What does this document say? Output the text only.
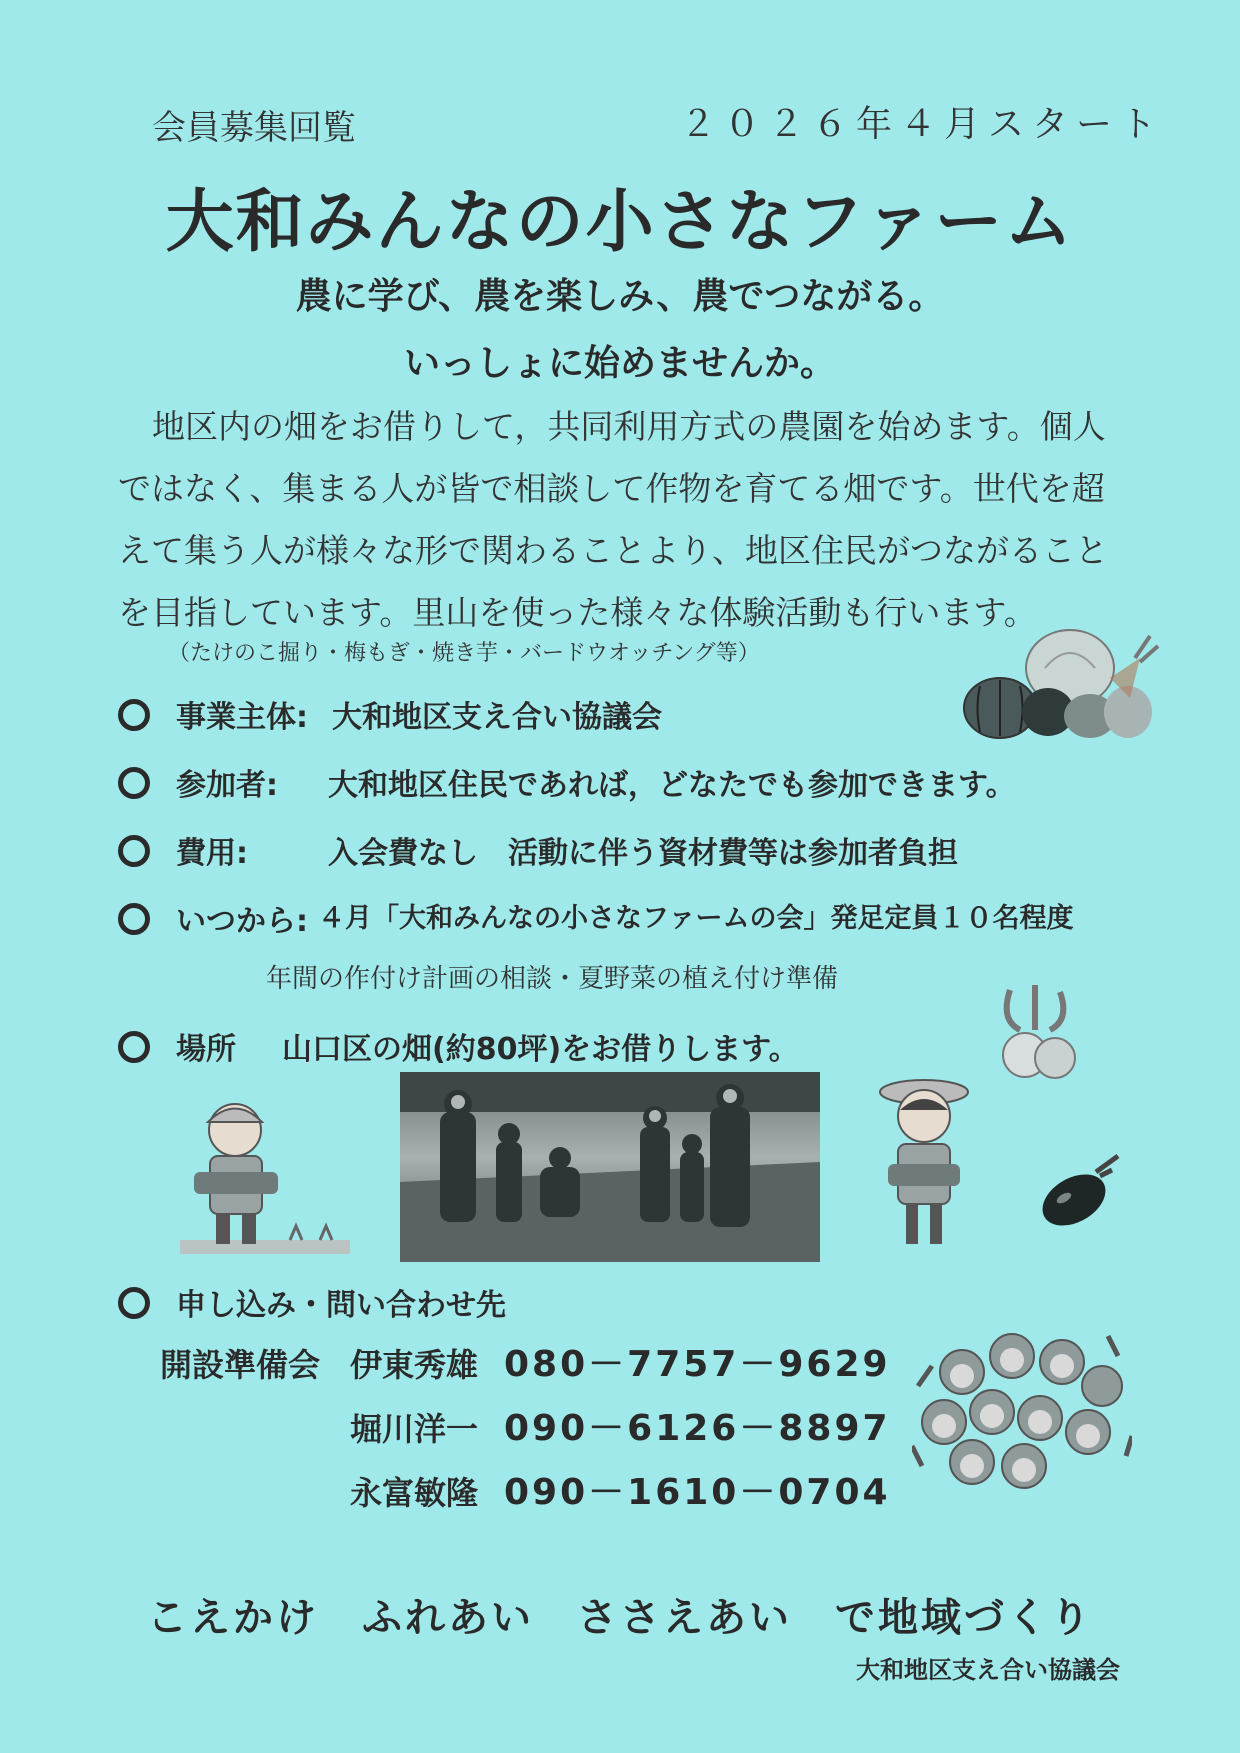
会員募集回覧	２０２６年４月スタート
大和みんなの小さなファーム
農に学び、農を楽しみ、農でつながる。
いっしょに始めませんか。

地区内の畑をお借りして，共同利用方式の農園を始めます。個人

ではなく、集まる人が皆で相談して作物を育てる畑です。世代を超

えて集う人が様々な形で関わることより、地区住民がつながること

を目指しています。里山を使った様々な体験活動も行います。

（たけのこ掘り・梅もぎ・焼き芋・バードウオッチング等）
事業主体: 大和地区支え合い協議会
参加者: 大和地区住民であれば，どなたでも参加できます。
費用:	入会費なし　活動に伴う資材費等は参加者負担
いつから: ４月「大和みんなの小さなファームの会」発足定員１０名程度
年間の作付け計画の相談・夏野菜の植え付け準備
場所 山口区の畑(約80坪)をお借りします。
申し込み・問い合わせ先
開設準備会 伊東秀雄 080－7757－9629
堀川洋一 090－6126－8897
永富敏隆 090－1610－0704
こえかけ　ふれあい　ささえあい　で地域づくり
大和地区支え合い協議会
